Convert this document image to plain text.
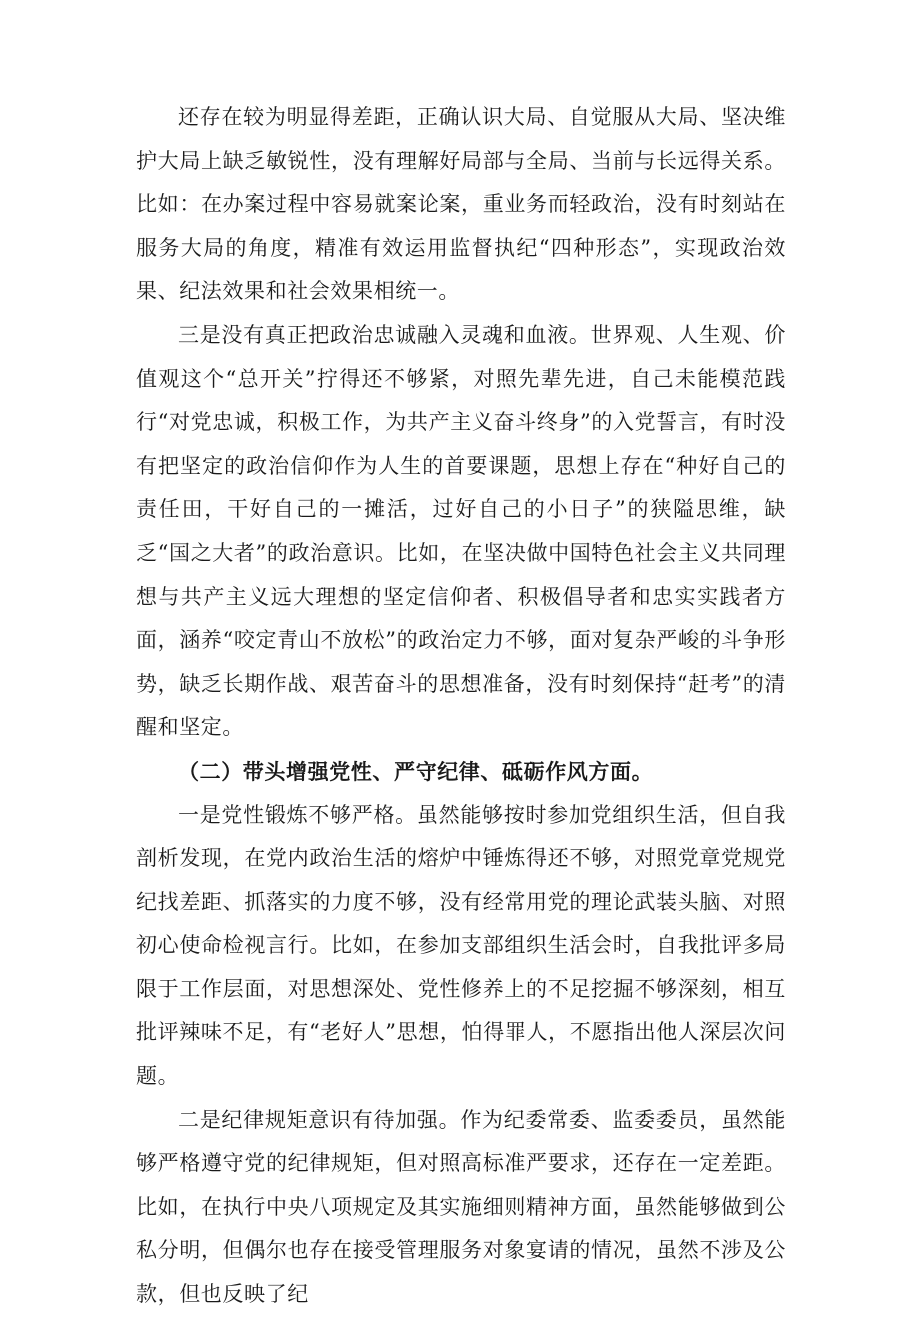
还存在较为明显得差距，正确认识大局、自觉服从大局、坚决维护大局上缺乏敏锐性，没有理解好局部与全局、当前与长远得关系。比如：在办案过程中容易就案论案，重业务而轻政治，没有时刻站在服务大局的角度，精准有效运用监督执纪“四种形态”，实现政治效果、纪法效果和社会效果相统一。

三是没有真正把政治忠诚融入灵魂和血液。世界观、人生观、价值观这个“总开关”拧得还不够紧，对照先辈先进，自己未能模范践行“对党忠诚，积极工作，为共产主义奋斗终身”的入党誓言，有时没有把坚定的政治信仰作为人生的首要课题，思想上存在“种好自己的责任田，干好自己的一摊活，过好自己的小日子”的狭隘思维，缺乏“国之大者”的政治意识。比如，在坚决做中国特色社会主义共同理想与共产主义远大理想的坚定信仰者、积极倡导者和忠实实践者方面，涵养“咬定青山不放松”的政治定力不够，面对复杂严峻的斗争形势，缺乏长期作战、艰苦奋斗的思想准备，没有时刻保持“赶考”的清醒和坚定。

（二）带头增强党性、严守纪律、砥砺作风方面。

一是党性锻炼不够严格。虽然能够按时参加党组织生活，但自我剖析发现，在党内政治生活的熔炉中锤炼得还不够，对照党章党规党纪找差距、抓落实的力度不够，没有经常用党的理论武装头脑、对照初心使命检视言行。比如，在参加支部组织生活会时，自我批评多局限于工作层面，对思想深处、党性修养上的不足挖掘不够深刻，相互批评辣味不足，有“老好人”思想，怕得罪人，不愿指出他人深层次问题。

二是纪律规矩意识有待加强。作为纪委常委、监委委员，虽然能够严格遵守党的纪律规矩，但对照高标准严要求，还存在一定差距。比如，在执行中央八项规定及其实施细则精神方面，虽然能够做到公私分明，但偶尔也存在接受管理服务对象宴请的情况，虽然不涉及公款，但也反映了纪
